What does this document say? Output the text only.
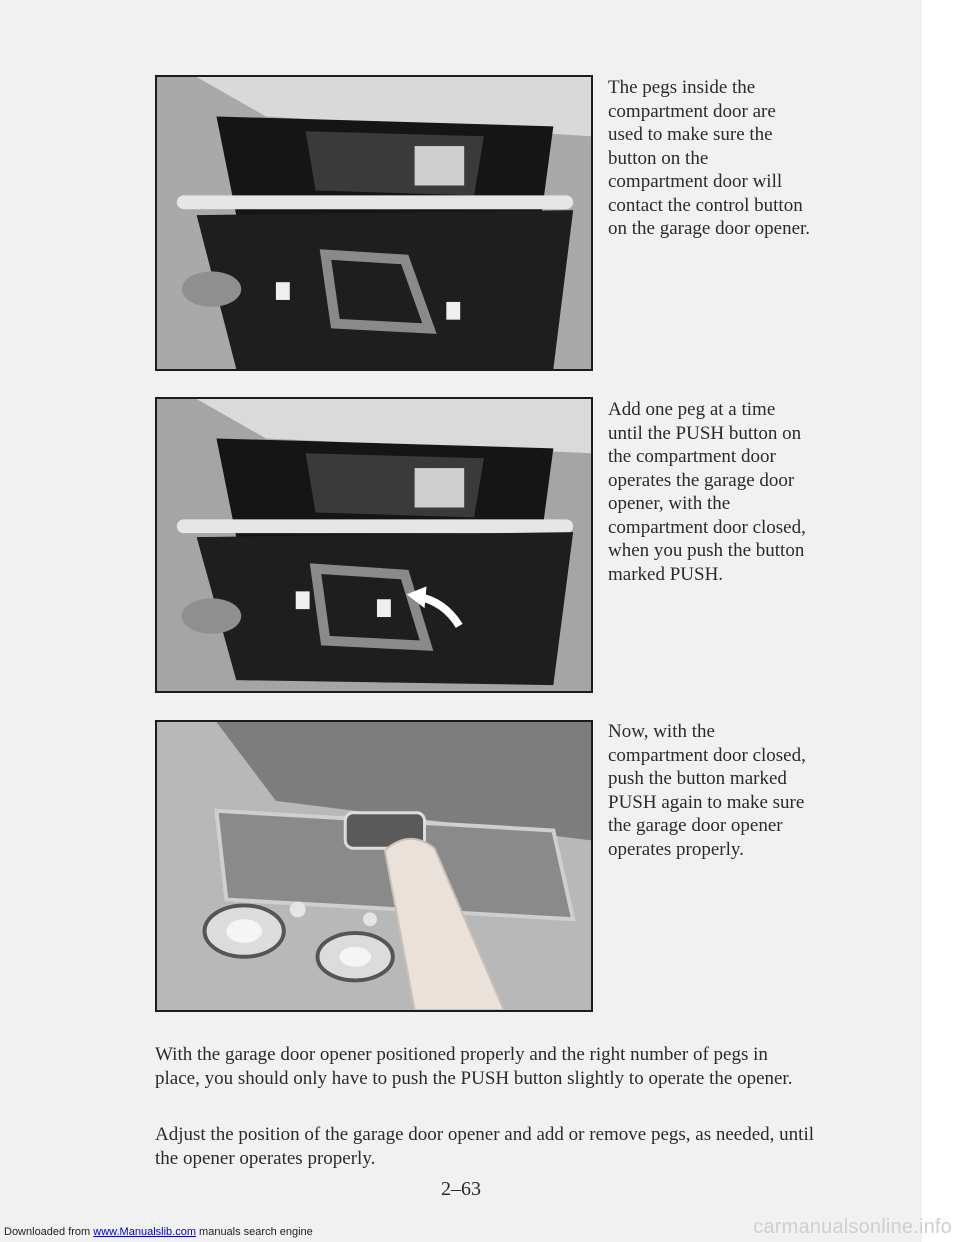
The pegs inside the compartment door are used to make sure the button on the compartment door will contact the control button on the garage door opener.

Add one peg at a time until the PUSH button on the compartment door operates the garage door opener, with the compartment door closed, when you push the button marked PUSH.

Now, with the compartment door closed, push the button marked PUSH again to make sure the garage door opener operates properly.

With the garage door opener positioned properly and the right number of pegs in place, you should only have to push the PUSH button slightly to operate the opener.

Adjust the position of the garage door opener and add or remove pegs, as needed, until the opener operates properly.

2–63
Downloaded from www.Manualslib.com manuals search engine	carmanualsonline.info
